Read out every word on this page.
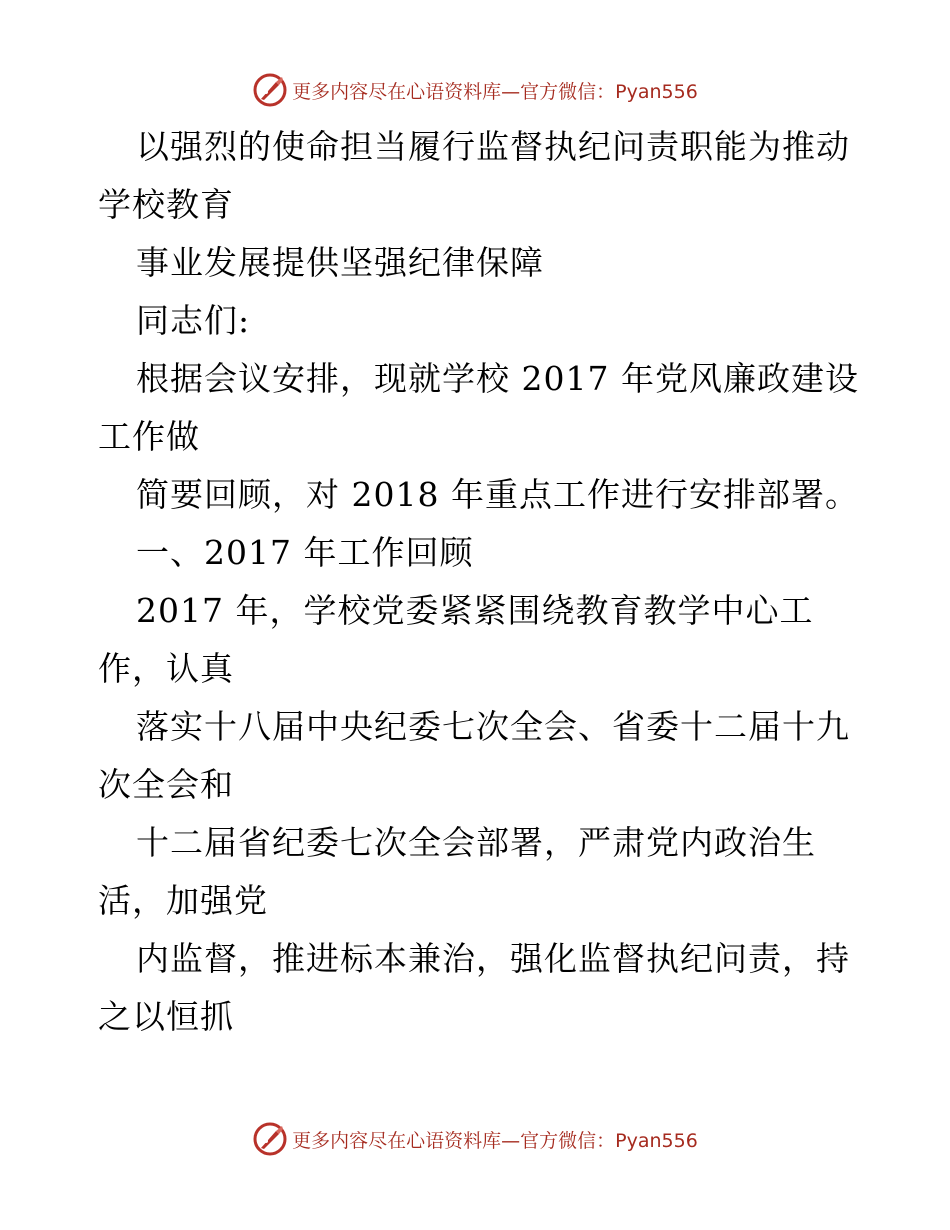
更多内容尽在心语资料库—官方微信：Pyan556
以强烈的使命担当履行监督执纪问责职能为推动
学校教育
事业发展提供坚强纪律保障
同志们:
根据会议安排，现就学校 2017 年党风廉政建设
工作做
简要回顾，对 2018 年重点工作进行安排部署。
一、2017 年工作回顾
2017 年，学校党委紧紧围绕教育教学中心工
作，认真
落实十八届中央纪委七次全会、省委十二届十九
次全会和
十二届省纪委七次全会部署，严肃党内政治生
活，加强党
内监督，推进标本兼治，强化监督执纪问责，持
之以恒抓
更多内容尽在心语资料库—官方微信：Pyan556
